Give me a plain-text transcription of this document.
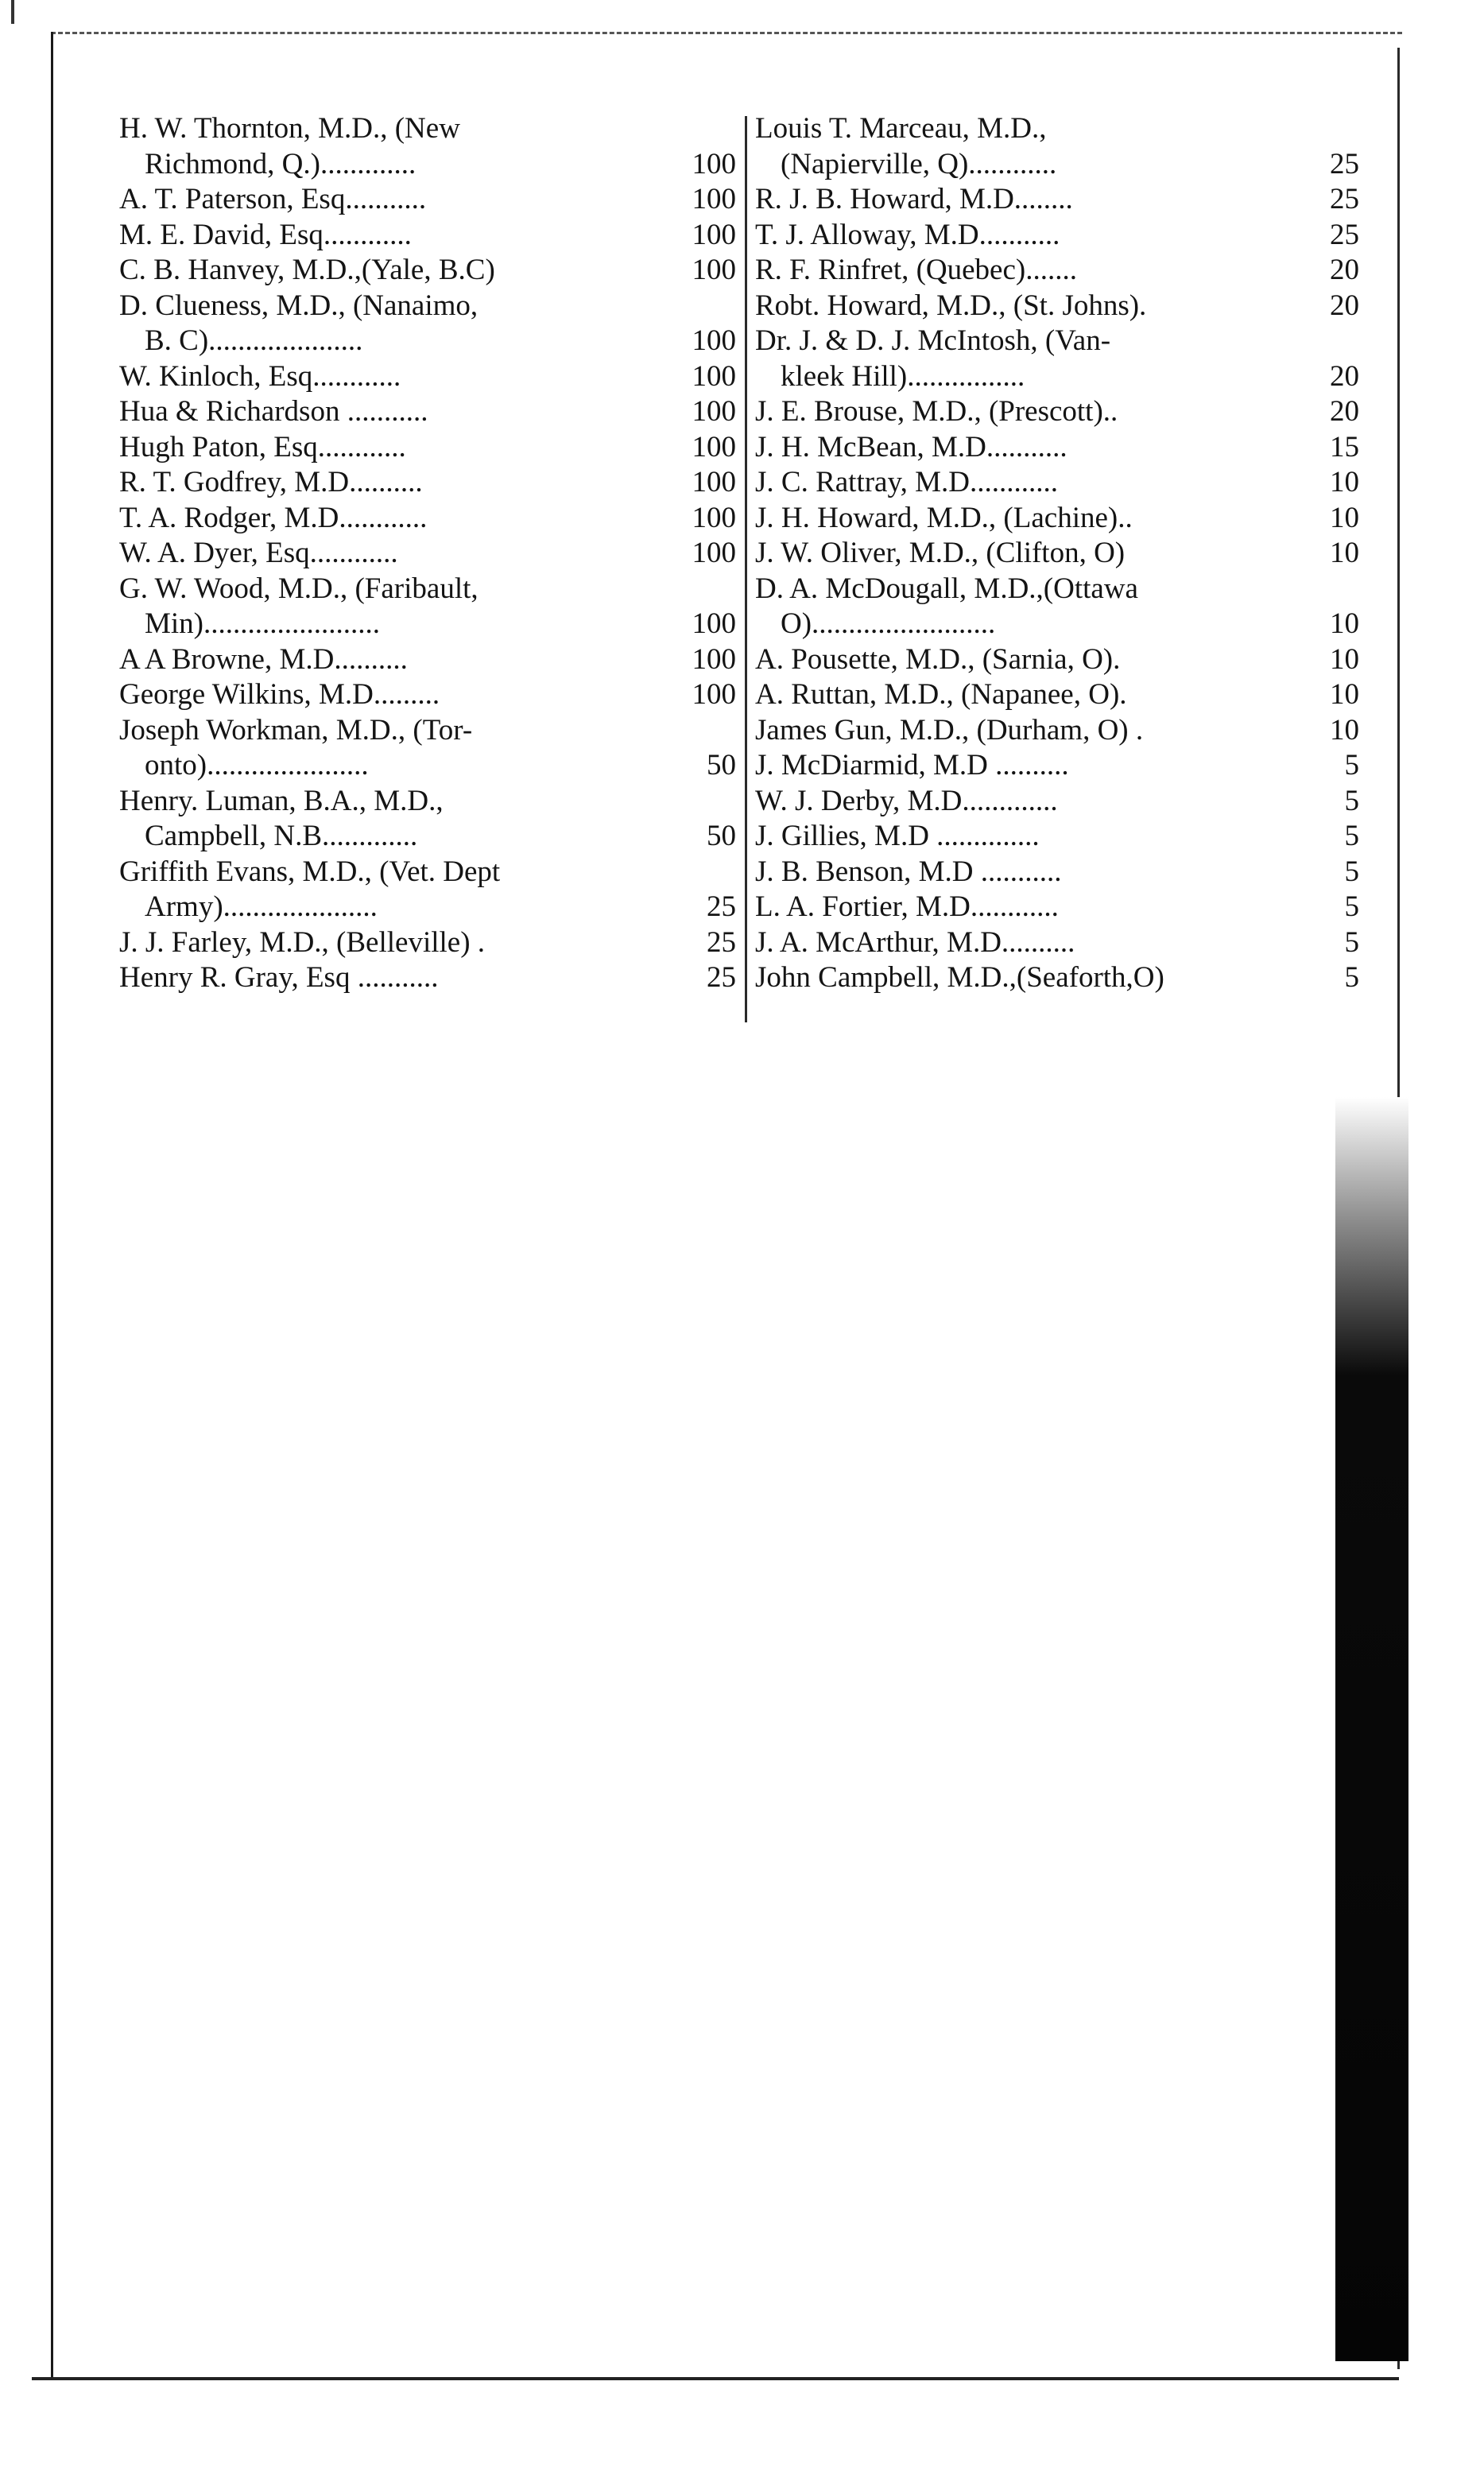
H. W. Thornton, M.D., (New
Richmond, Q.).............	100
A. T. Paterson, Esq...........	100
M. E. David, Esq............	100
C. B. Hanvey, M.D.,(Yale, B.C)	100
D. Clueness, M.D., (Nanaimo,
B. C).....................	100
W. Kinloch, Esq............	100
Hua & Richardson ...........	100
Hugh Paton, Esq............	100
R. T. Godfrey, M.D..........	100
T. A. Rodger, M.D............	100
W. A. Dyer, Esq............	100
G. W. Wood, M.D., (Faribault,
Min)........................	100
A A Browne, M.D..........	100
George Wilkins, M.D.........	100
Joseph Workman, M.D., (Tor-
onto)......................	50
Henry. Luman, B.A., M.D.,
Campbell, N.B.............	50
Griffith Evans, M.D., (Vet. Dept
Army).....................	25
J. J. Farley, M.D., (Belleville) .	25
Henry R. Gray, Esq ...........	25
Louis T. Marceau, M.D.,
(Napierville, Q)............	25
R. J. B. Howard, M.D........	25
T. J. Alloway, M.D...........	25
R. F. Rinfret, (Quebec).......	20
Robt. Howard, M.D., (St. Johns).	20
Dr. J. & D. J. McIntosh, (Van-
kleek Hill)................	20
J. E. Brouse, M.D., (Prescott)..	20
J. H. McBean, M.D...........	15
J. C. Rattray, M.D............	10
J. H. Howard, M.D., (Lachine)..	10
J. W. Oliver, M.D., (Clifton, O)	10
D. A. McDougall, M.D.,(Ottawa
O).........................	10
A. Pousette, M.D., (Sarnia, O).	10
A. Ruttan, M.D., (Napanee, O).	10
James Gun, M.D., (Durham, O) .	10
J. McDiarmid, M.D ..........	5
W. J. Derby, M.D.............	5
J. Gillies, M.D ..............	5
J. B. Benson, M.D ...........	5
L. A. Fortier, M.D............	5
J. A. McArthur, M.D..........	5
John Campbell, M.D.,(Seaforth,O)	5
